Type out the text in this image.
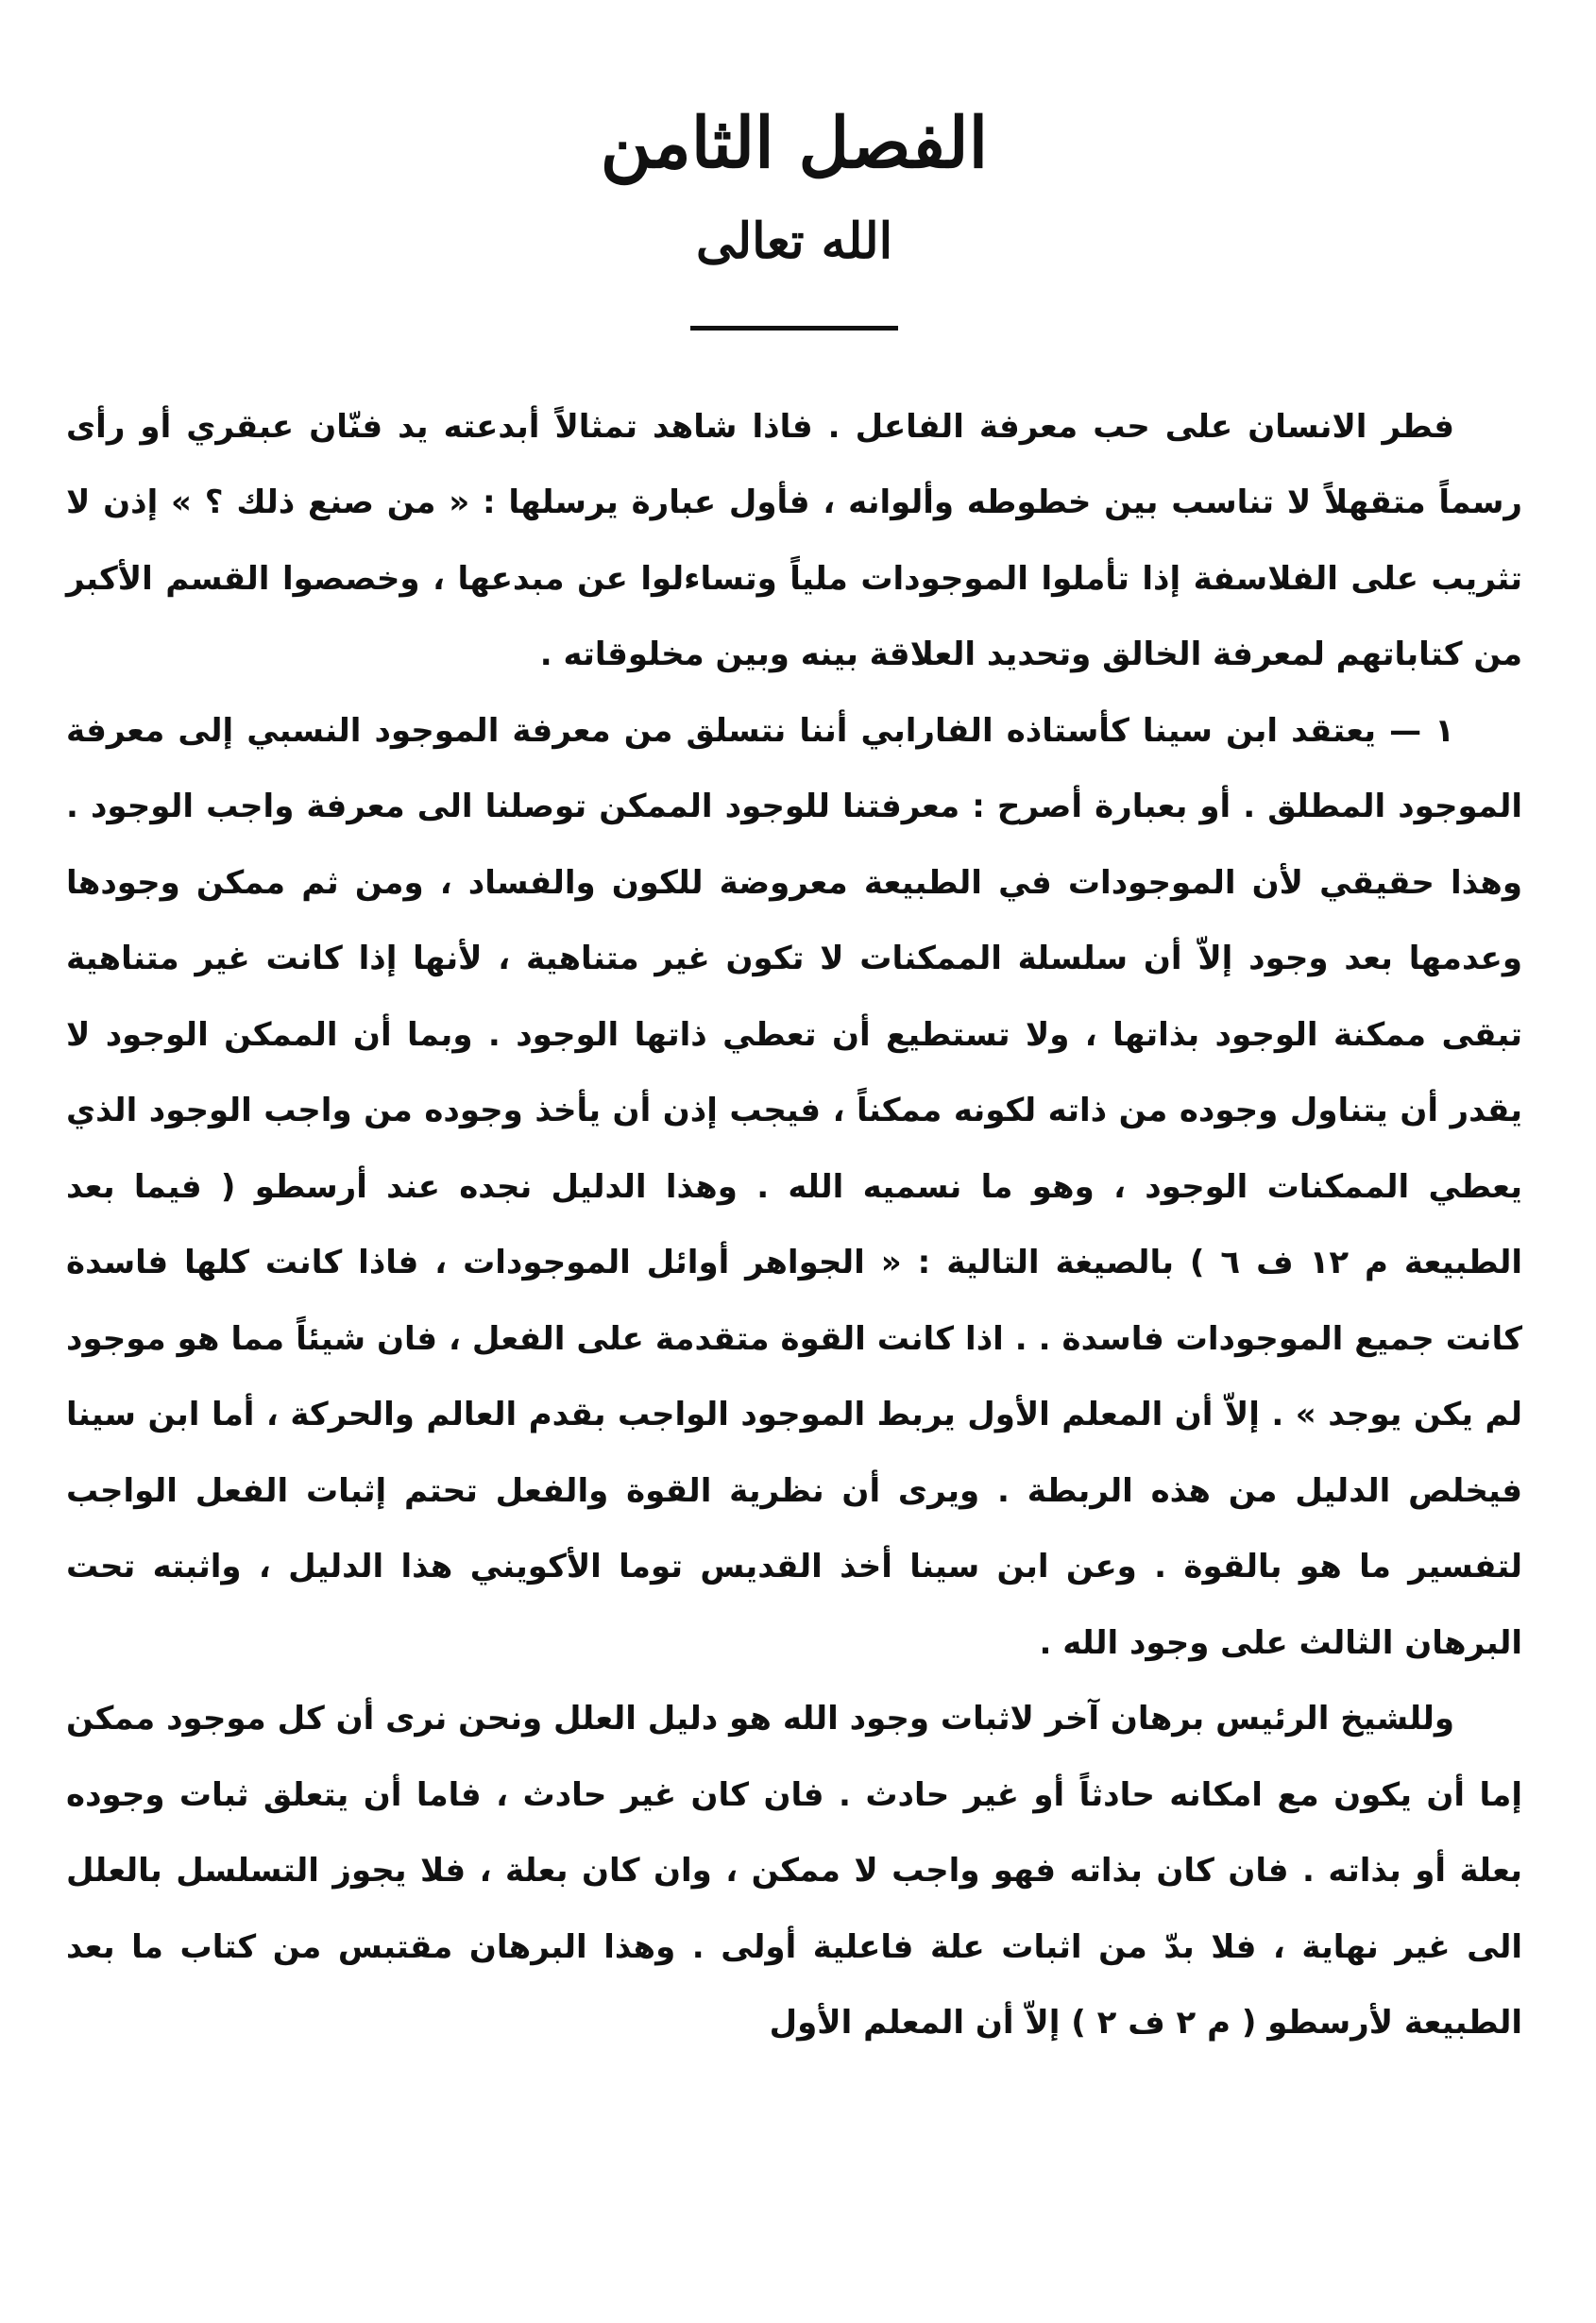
الفصل الثامن
الله تعالى

فطر الانسان على حب معرفة الفاعل . فاذا شاهد تمثالاً أبدعته يد فنّان عبقري أو رأى رسماً متقهلاً لا تناسب بين خطوطه وألوانه ، فأول عبارة يرسلها : « من صنع ذلك ؟ » إذن لا تثريب على الفلاسفة إذا تأملوا الموجودات ملياً وتساءلوا عن مبدعها ، وخصصوا القسم الأكبر من كتاباتهم لمعرفة الخالق وتحديد العلاقة بينه وبين مخلوقاته .

١ — يعتقد ابن سينا كأستاذه الفارابي أننا نتسلق من معرفة الموجود النسبي إلى معرفة الموجود المطلق . أو بعبارة أصرح : معرفتنا للوجود الممكن توصلنا الى معرفة واجب الوجود . وهذا حقيقي لأن الموجودات في الطبيعة معروضة للكون والفساد ، ومن ثم ممكن وجودها وعدمها بعد وجود إلاّ أن سلسلة الممكنات لا تكون غير متناهية ، لأنها إذا كانت غير متناهية تبقى ممكنة الوجود بذاتها ، ولا تستطيع أن تعطي ذاتها الوجود . وبما أن الممكن الوجود لا يقدر أن يتناول وجوده من ذاته لكونه ممكناً ، فيجب إذن أن يأخذ وجوده من واجب الوجود الذي يعطي الممكنات الوجود ، وهو ما نسميه الله . وهذا الدليل نجده عند أرسطو ( فيما بعد الطبيعة م ١٢ ف ٦ ) بالصيغة التالية : « الجواهر أوائل الموجودات ، فاذا كانت كلها فاسدة كانت جميع الموجودات فاسدة . . اذا كانت القوة متقدمة على الفعل ، فان شيئاً مما هو موجود لم يكن يوجد » . إلاّ أن المعلم الأول يربط الموجود الواجب بقدم العالم والحركة ، أما ابن سينا فيخلص الدليل من هذه الربطة . ويرى أن نظرية القوة والفعل تحتم إثبات الفعل الواجب لتفسير ما هو بالقوة . وعن ابن سينا أخذ القديس توما الأكويني هذا الدليل ، واثبته تحت البرهان الثالث على وجود الله .

وللشيخ الرئيس برهان آخر لاثبات وجود الله هو دليل العلل ونحن نرى أن كل موجود ممكن إما أن يكون مع امكانه حادثاً أو غير حادث . فان كان غير حادث ، فاما أن يتعلق ثبات وجوده بعلة أو بذاته . فان كان بذاته فهو واجب لا ممكن ، وان كان بعلة ، فلا يجوز التسلسل بالعلل الى غير نهاية ، فلا بدّ من اثبات علة فاعلية أولى . وهذا البرهان مقتبس من كتاب ما بعد الطبيعة لأرسطو ( م ٢ ف ٢ ) إلاّ أن المعلم الأول
